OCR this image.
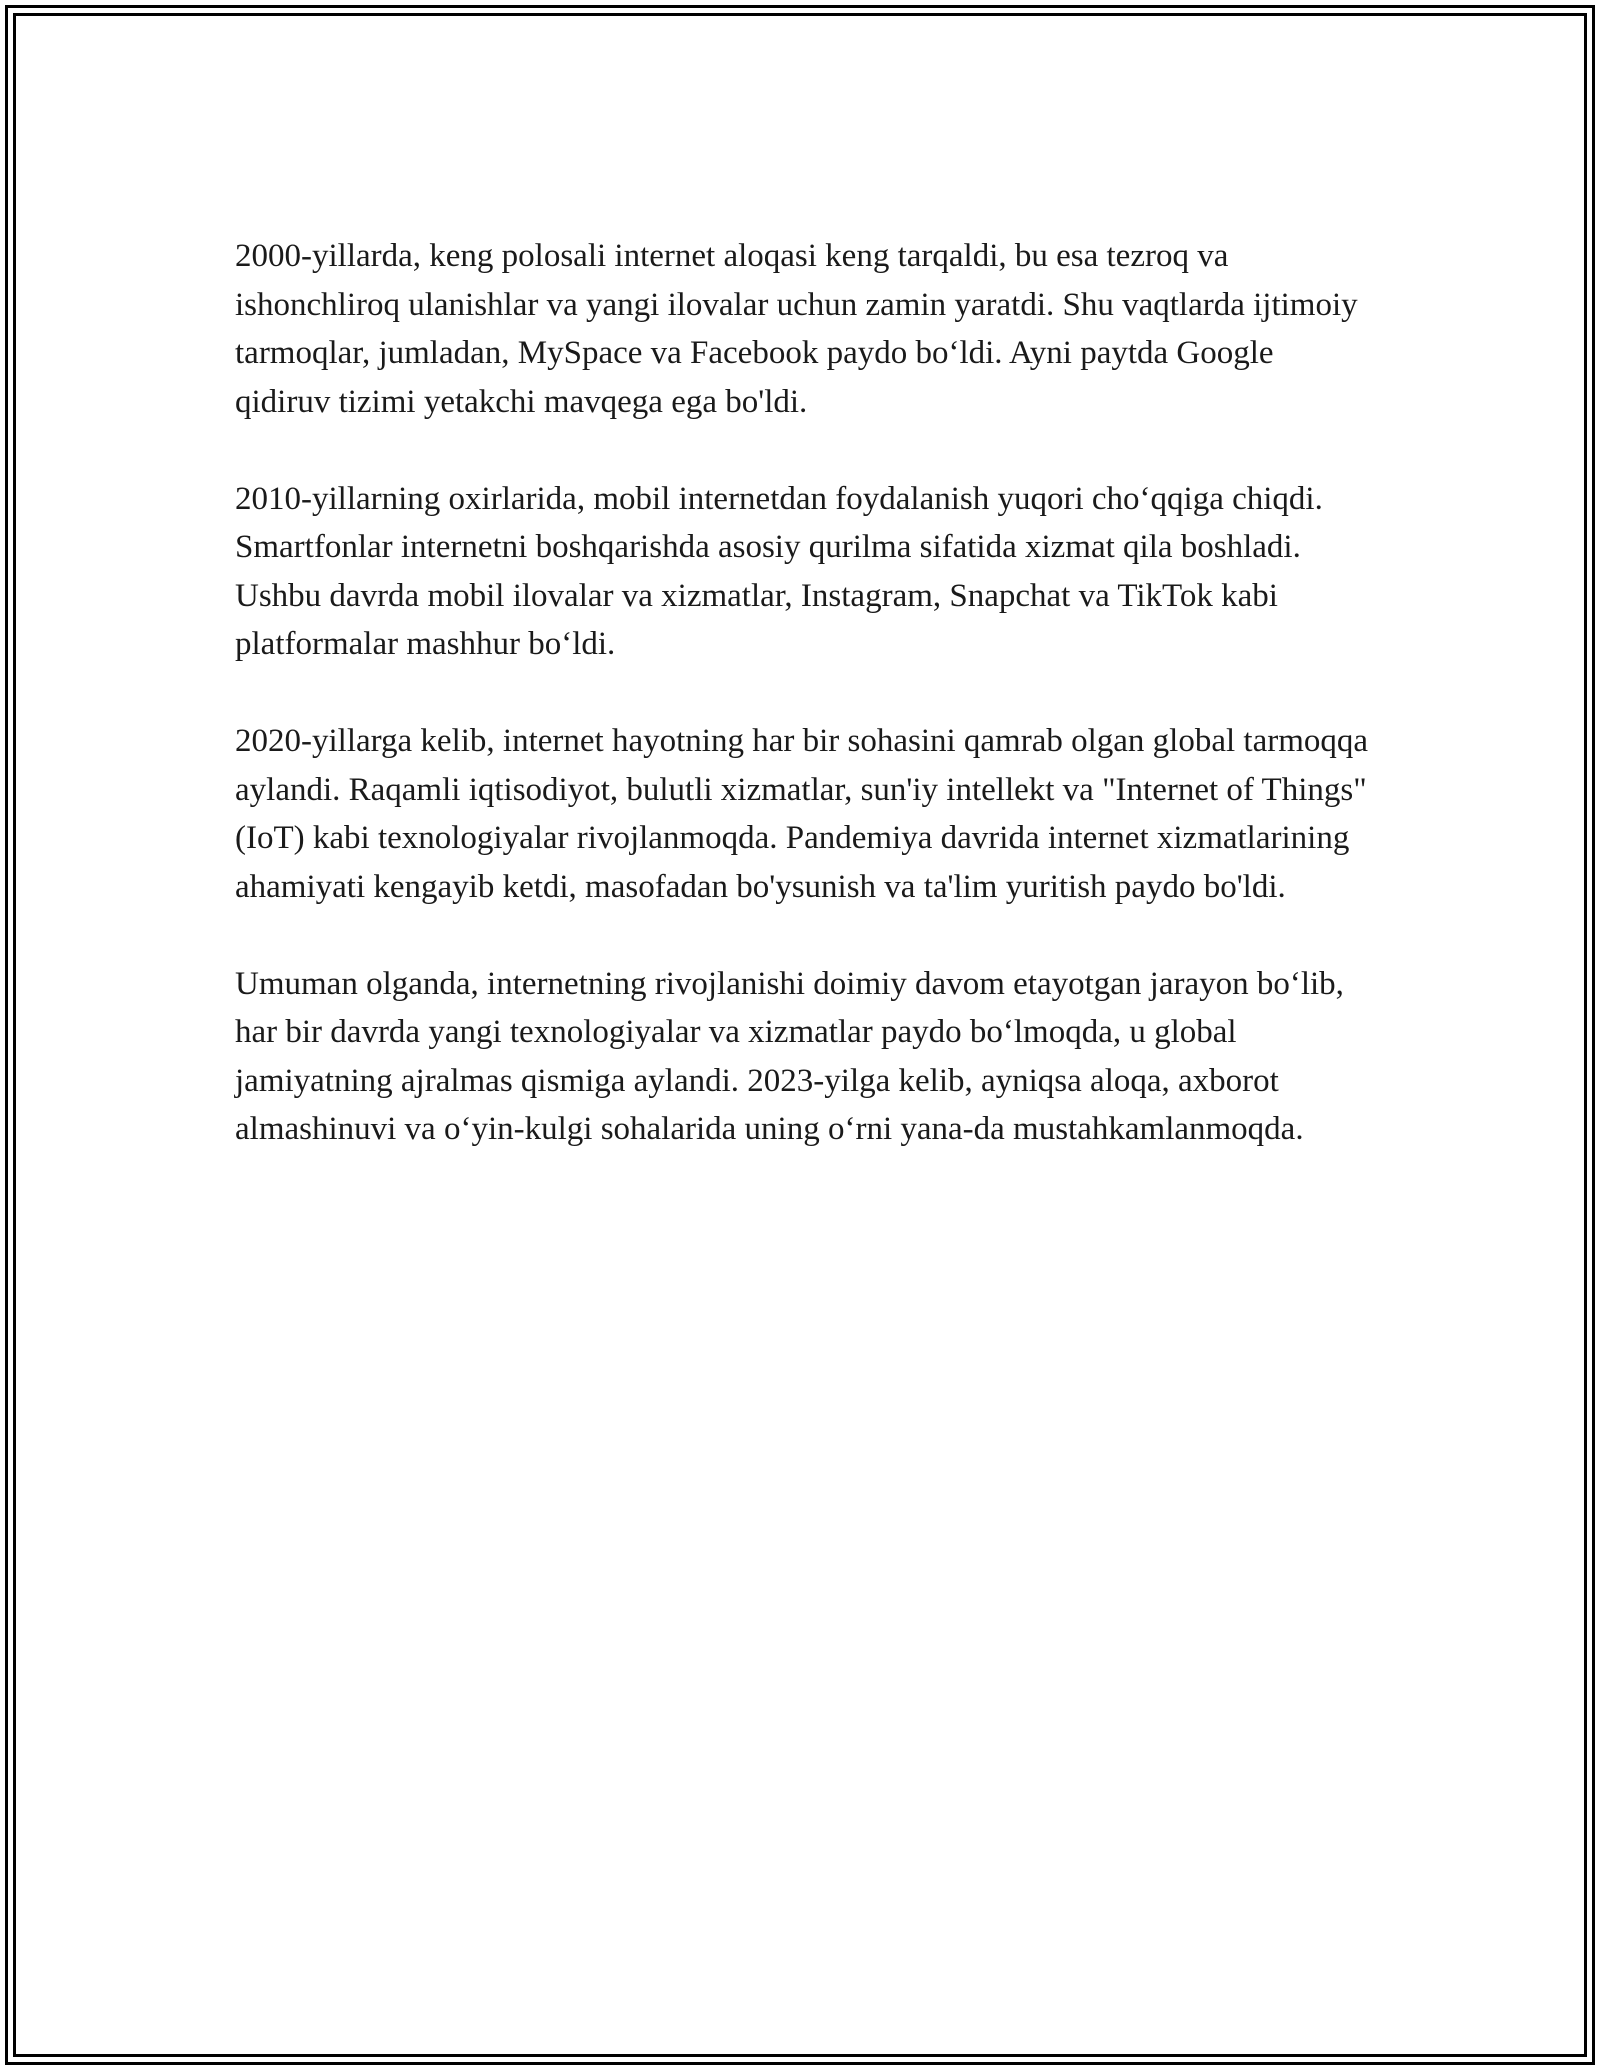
2000-yillarda, keng polosali internet aloqasi keng tarqaldi, bu esa tezroq va ishonchliroq ulanishlar va yangi ilovalar uchun zamin yaratdi. Shu vaqtlarda ijtimoiy tarmoqlar, jumladan, MySpace va Facebook paydo bo‘ldi. Ayni paytda Google qidiruv tizimi yetakchi mavqega ega bo'ldi.

2010-yillarning oxirlarida, mobil internetdan foydalanish yuqori cho‘qqiga chiqdi. Smartfonlar internetni boshqarishda asosiy qurilma sifatida xizmat qila boshladi. Ushbu davrda mobil ilovalar va xizmatlar, Instagram, Snapchat va TikTok kabi platformalar mashhur bo‘ldi.

2020-yillarga kelib, internet hayotning har bir sohasini qamrab olgan global tarmoqqa aylandi. Raqamli iqtisodiyot, bulutli xizmatlar, sun'iy intellekt va "Internet of Things" (IoT) kabi texnologiyalar rivojlanmoqda. Pandemiya davrida internet xizmatlarining ahamiyati kengayib ketdi, masofadan bo'ysunish va ta'lim yuritish paydo bo'ldi.

Umuman olganda, internetning rivojlanishi doimiy davom etayotgan jarayon bo‘lib, har bir davrda yangi texnologiyalar va xizmatlar paydo bo‘lmoqda, u global jamiyatning ajralmas qismiga aylandi. 2023-yilga kelib, ayniqsa aloqa, axborot almashinuvi va o‘yin-kulgi sohalarida uning o‘rni yana-da mustahkamlanmoqda.
